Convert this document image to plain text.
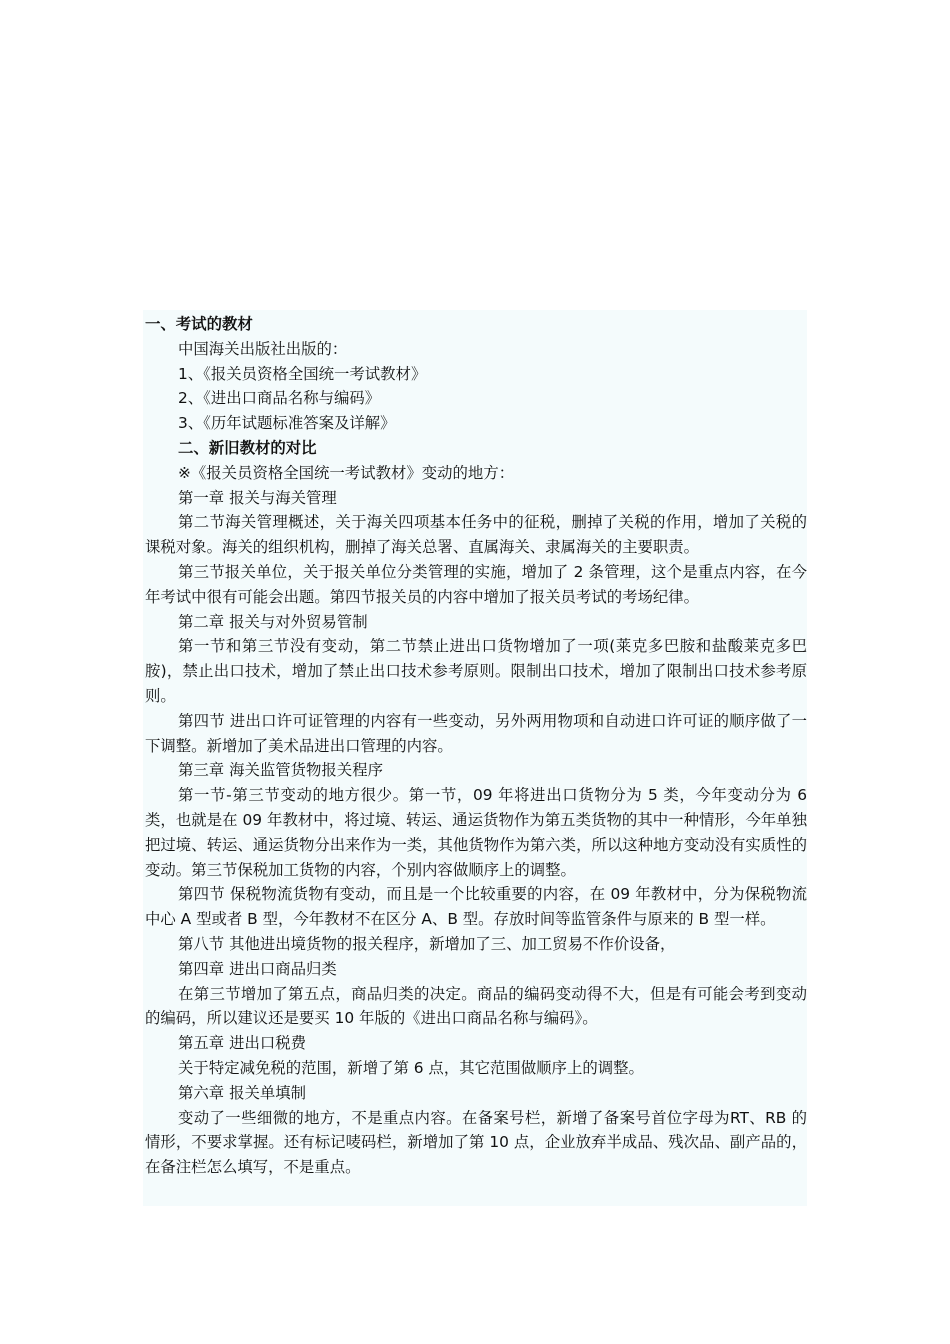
一、考试的教材

中国海关出版社出版的：

1、《报关员资格全国统一考试教材》

2、《进出口商品名称与编码》

3、《历年试题标准答案及详解》

二、新旧教材的对比

※《报关员资格全国统一考试教材》变动的地方：

第一章 报关与海关管理

第二节海关管理概述，关于海关四项基本任务中的征税，删掉了关税的作用，增加了关税的课税对象。海关的组织机构，删掉了海关总署、直属海关、隶属海关的主要职责。

第三节报关单位，关于报关单位分类管理的实施，增加了 2 条管理，这个是重点内容，在今年考试中很有可能会出题。第四节报关员的内容中增加了报关员考试的考场纪律。

第二章 报关与对外贸易管制

第一节和第三节没有变动，第二节禁止进出口货物增加了一项(莱克多巴胺和盐酸莱克多巴胺)，禁止出口技术，增加了禁止出口技术参考原则。限制出口技术，增加了限制出口技术参考原则。

第四节 进出口许可证管理的内容有一些变动，另外两用物项和自动进口许可证的顺序做了一下调整。新增加了美术品进出口管理的内容。

第三章 海关监管货物报关程序

第一节-第三节变动的地方很少。第一节，09 年将进出口货物分为 5 类，今年变动分为 6 类，也就是在 09 年教材中，将过境、转运、通运货物作为第五类货物的其中一种情形，今年单独把过境、转运、通运货物分出来作为一类，其他货物作为第六类，所以这种地方变动没有实质性的变动。第三节保税加工货物的内容，个别内容做顺序上的调整。

第四节 保税物流货物有变动，而且是一个比较重要的内容，在 09 年教材中，分为保税物流中心 A 型或者 B 型，今年教材不在区分 A、B 型。存放时间等监管条件与原来的 B 型一样。

第八节 其他进出境货物的报关程序，新增加了三、加工贸易不作价设备，

第四章 进出口商品归类

在第三节增加了第五点，商品归类的决定。商品的编码变动得不大，但是有可能会考到变动的编码，所以建议还是要买 10 年版的《进出口商品名称与编码》。

第五章 进出口税费

关于特定减免税的范围，新增了第 6 点，其它范围做顺序上的调整。

第六章 报关单填制

变动了一些细微的地方，不是重点内容。在备案号栏，新增了备案号首位字母为RT、RB 的情形，不要求掌握。还有标记唛码栏，新增加了第 10 点，企业放弃半成品、残次品、副产品的，在备注栏怎么填写，不是重点。
